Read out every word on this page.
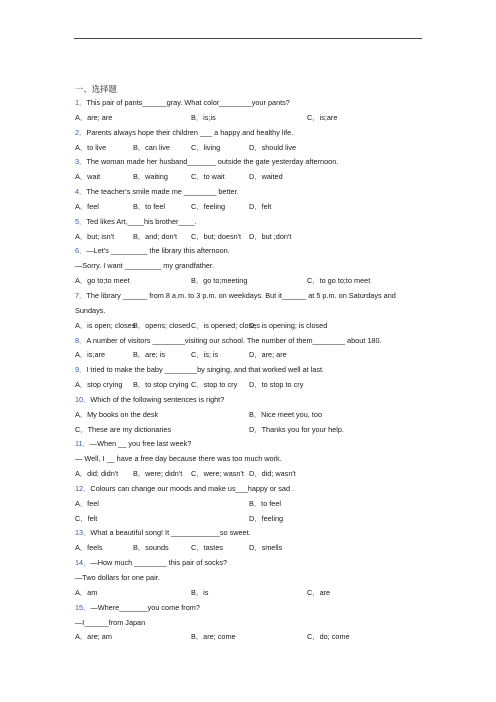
一、选择题
1．This pair of pants______gray. What color________your pants?
A．are; are	B．is;is	C．is;are
2．Parents always hope their children ___ a happy and healthy life.
A．to live	B．can live	C．living	D．should live
3．The woman made her husband_______ outside the gate yesterday afternoon.
A．wait	B．waiting	C．to wait	D．waited
4．The teacher's smile made me ________ better.
A．feel	B．to feel	C．feeling	D．felt
5．Ted likes Art,____his brother____.
A．but; isn't	B．and; don't	C．but; doesn't	D．but ;don't
6．—Let's _________ the library this afternoon.
—Sorry. I want _________ my grandfather.
A．go to;to meet	B．go to;meeting	C．to go to;to meet
7．The library ______ from 8 a.m. to 3 p.m. on weekdays. But it______ at 5 p.m. on Saturdays and Sundays.
A．is open; closes
B．opens; closed C．is opened; closes
D．is opening; is closed
8．A number of visitors ________visiting our school. The number of them________ about 180.
A．is;are	B．are; is	C．is; is	D．are; are
9．I tried to make the baby ________by singing, and that worked well at last.
A．stop crying	B．to stop crying C．stop to cry	D．to stop to cry
10．Which of the following sentences is right?
A．My books on the desk	B．Nice meet you, too
C．These are my dictionaries	D．Thanks you for your help.
11．—When __ you free last week?
— Well, I __ have a free day because there was too much work.
A．did; didn't	B．were; didn't	C．were; wasn't D．did; wasn't
12．Colours can change our moods and make us___happy or sad .
A．feel	B．to feel
C．felt	D．feeling
13．What a beautiful song! It ____________so sweet.
A．feels	B．sounds	C．tastes	D．smells
14．—How much ________ this pair of socks?
—Two dollars for one pair.
A．am	B．is	C．are
15．—Where_______you come from?
—I______from Japan
A．are; am	B．are; come	C．do; come
